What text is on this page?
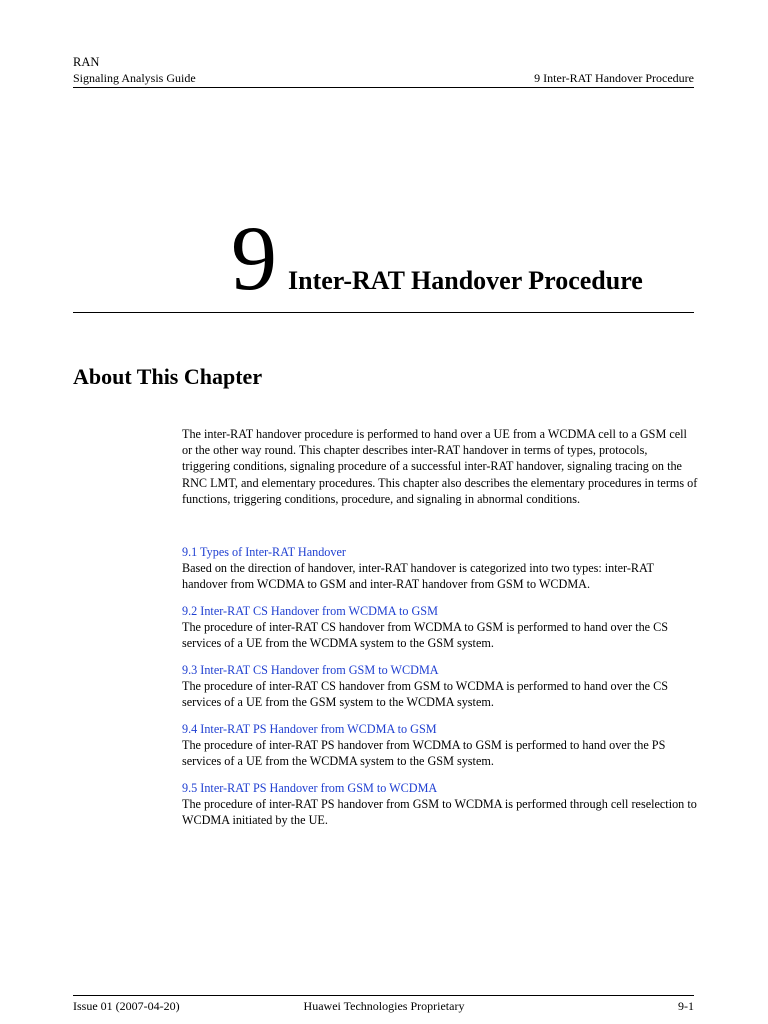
RAN
Signaling Analysis Guide	9 Inter-RAT Handover Procedure
9 Inter-RAT Handover Procedure
About This Chapter
The inter-RAT handover procedure is performed to hand over a UE from a WCDMA cell to a GSM cell or the other way round. This chapter describes inter-RAT handover in terms of types, protocols, triggering conditions, signaling procedure of a successful inter-RAT handover, signaling tracing on the RNC LMT, and elementary procedures. This chapter also describes the elementary procedures in terms of functions, triggering conditions, procedure, and signaling in abnormal conditions.
9.1 Types of Inter-RAT Handover
Based on the direction of handover, inter-RAT handover is categorized into two types: inter-RAT handover from WCDMA to GSM and inter-RAT handover from GSM to WCDMA.
9.2 Inter-RAT CS Handover from WCDMA to GSM
The procedure of inter-RAT CS handover from WCDMA to GSM is performed to hand over the CS services of a UE from the WCDMA system to the GSM system.
9.3 Inter-RAT CS Handover from GSM to WCDMA
The procedure of inter-RAT CS handover from GSM to WCDMA is performed to hand over the CS services of a UE from the GSM system to the WCDMA system.
9.4 Inter-RAT PS Handover from WCDMA to GSM
The procedure of inter-RAT PS handover from WCDMA to GSM is performed to hand over the PS services of a UE from the WCDMA system to the GSM system.
9.5 Inter-RAT PS Handover from GSM to WCDMA
The procedure of inter-RAT PS handover from GSM to WCDMA is performed through cell reselection to WCDMA initiated by the UE.
Issue 01 (2007-04-20)	Huawei Technologies Proprietary	9-1
